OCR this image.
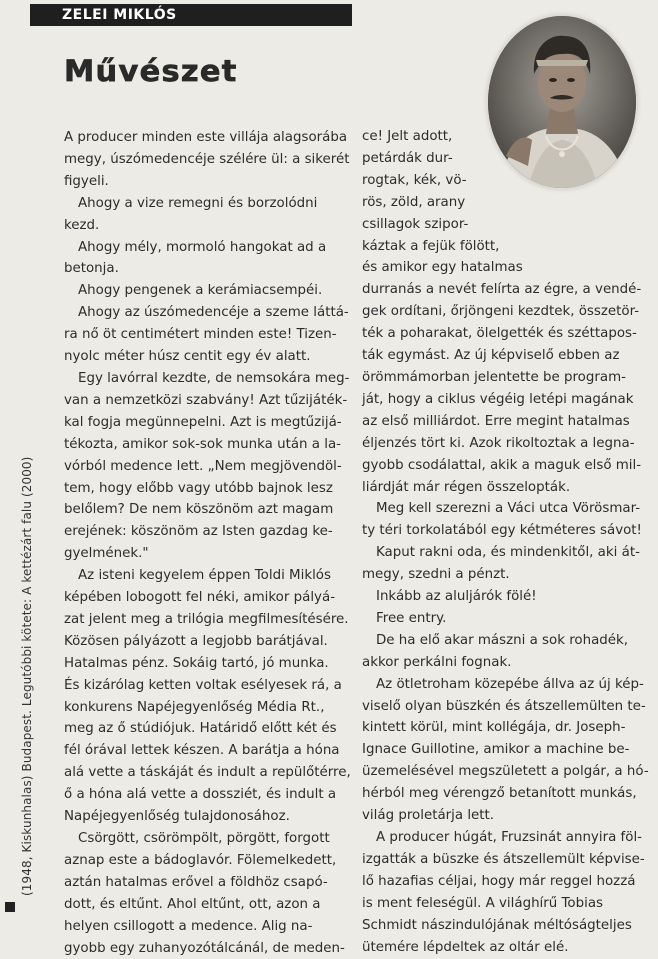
ZELEI MIKLÓS
Művészet
(1948, Kiskunhalas) Budapest. Legutóbbi kötete: A kettézárt falu (2000)
A producer minden este villája alagsorába
megy, úszómedencéje szélére ül: a sikerét
figyeli.
Ahogy a vize remegni és borzolódni
kezd.
Ahogy mély, mormoló hangokat ad a
betonja.
Ahogy pengenek a kerámiacsempéi.
Ahogy az úszómedencéje a szeme láttá-
ra nő öt centimétert minden este! Tizen-
nyolc méter húsz centit egy év alatt.
Egy lavórral kezdte, de nemsokára meg-
van a nemzetközi szabvány! Azt tűzijáték-
kal fogja megünnepelni. Azt is megtűzijá-
tékozta, amikor sok-sok munka után a la-
vórból medence lett. „Nem megjövendöl-
tem, hogy előbb vagy utóbb bajnok lesz
belőlem? De nem köszönöm azt magam
erejének: köszönöm az Isten gazdag ke-
gyelmének."
Az isteni kegyelem éppen Toldi Miklós
képében lobogott fel néki, amikor pályá-
zat jelent meg a trilógia megfilmesítésére.
Közösen pályázott a legjobb barátjával.
Hatalmas pénz. Sokáig tartó, jó munka.
És kizárólag ketten voltak esélyesek rá, a
konkurens Napéjegyenlőség Média Rt.,
meg az ő stúdiójuk. Határidő előtt két és
fél órával lettek készen. A barátja a hóna
alá vette a táskáját és indult a repülőtérre,
ő a hóna alá vette a dossziét, és indult a
Napéjegyenlőség tulajdonosához.
Csörgött, csörömpölt, pörgött, forgott
aznap este a bádoglavór. Fölemelkedett,
aztán hatalmas erővel a földhöz csapó-
dott, és eltűnt. Ahol eltűnt, ott, azon a
helyen csillogott a medence. Alig na-
gyobb egy zuhanyozótálcánál, de meden-
ce! Jelt adott,
petárdák dur-
rogtak, kék, vö-
rös, zöld, arany
csillagok szipor-
káztak a fejük fölött,
és amikor egy hatalmas
durranás a nevét felírta az égre, a vendé-
gek ordítani, őrjöngeni kezdtek, összetör-
ték a poharakat, ölelgették és széttapos-
ták egymást. Az új képviselő ebben az
örömmámorban jelentette be program-
ját, hogy a ciklus végéig letépi magának
az első milliárdot. Erre megint hatalmas
éljenzés tört ki. Azok rikoltoztak a legna-
gyobb csodálattal, akik a maguk első mil-
liárdját már régen összelopták.
Meg kell szerezni a Váci utca Vörösmar-
ty téri torkolatából egy kétméteres sávot!
Kaput rakni oda, és mindenkitől, aki át-
megy, szedni a pénzt.
Inkább az aluljárók fölé!
Free entry.
De ha elő akar mászni a sok rohadék,
akkor perkálni fognak.
Az ötletroham közepébe állva az új kép-
viselő olyan büszkén és átszellemülten te-
kintett körül, mint kollégája, dr. Joseph-
Ignace Guillotine, amikor a machine be-
üzemelésével megszületett a polgár, a hó-
hérból meg vérengző betanított munkás,
világ proletárja lett.
A producer húgát, Fruzsinát annyira föl-
izgatták a büszke és átszellemült képvise-
lő hazafias céljai, hogy már reggel hozzá
is ment feleségül. A világhírű Tobias
Schmidt nászindulójának méltóságteljes
ütemére lépdeltek az oltár elé.
